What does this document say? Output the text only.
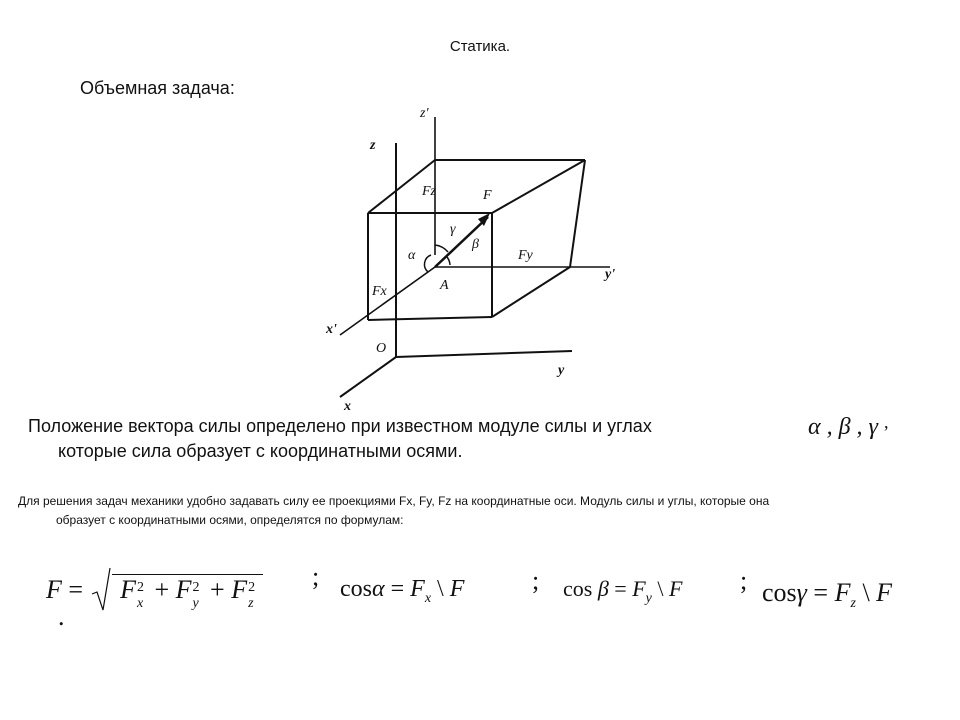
Статика.
Объемная задача:
z
z'
y
y'
x
x'
O
A
F
Fx
Fy
Fz
α
β
γ
Положение вектора силы определено при известном модуле силы и углах
которые сила образует с координатными осями.
α , β , γ ,
Для решения задач механики удобно задавать силу ее проекциями Fx, Fy, Fz на координатные оси. Модуль силы и углы, которые она
образует с координатными осями, определятся по формулам:
F = F 2
x + F 2
y + F 2
z
;
.
$\cos\alpha = F_x$ \ F	; $\cos \beta = F_y$ \ F ; $\cos\gamma = F_z$ \ F
